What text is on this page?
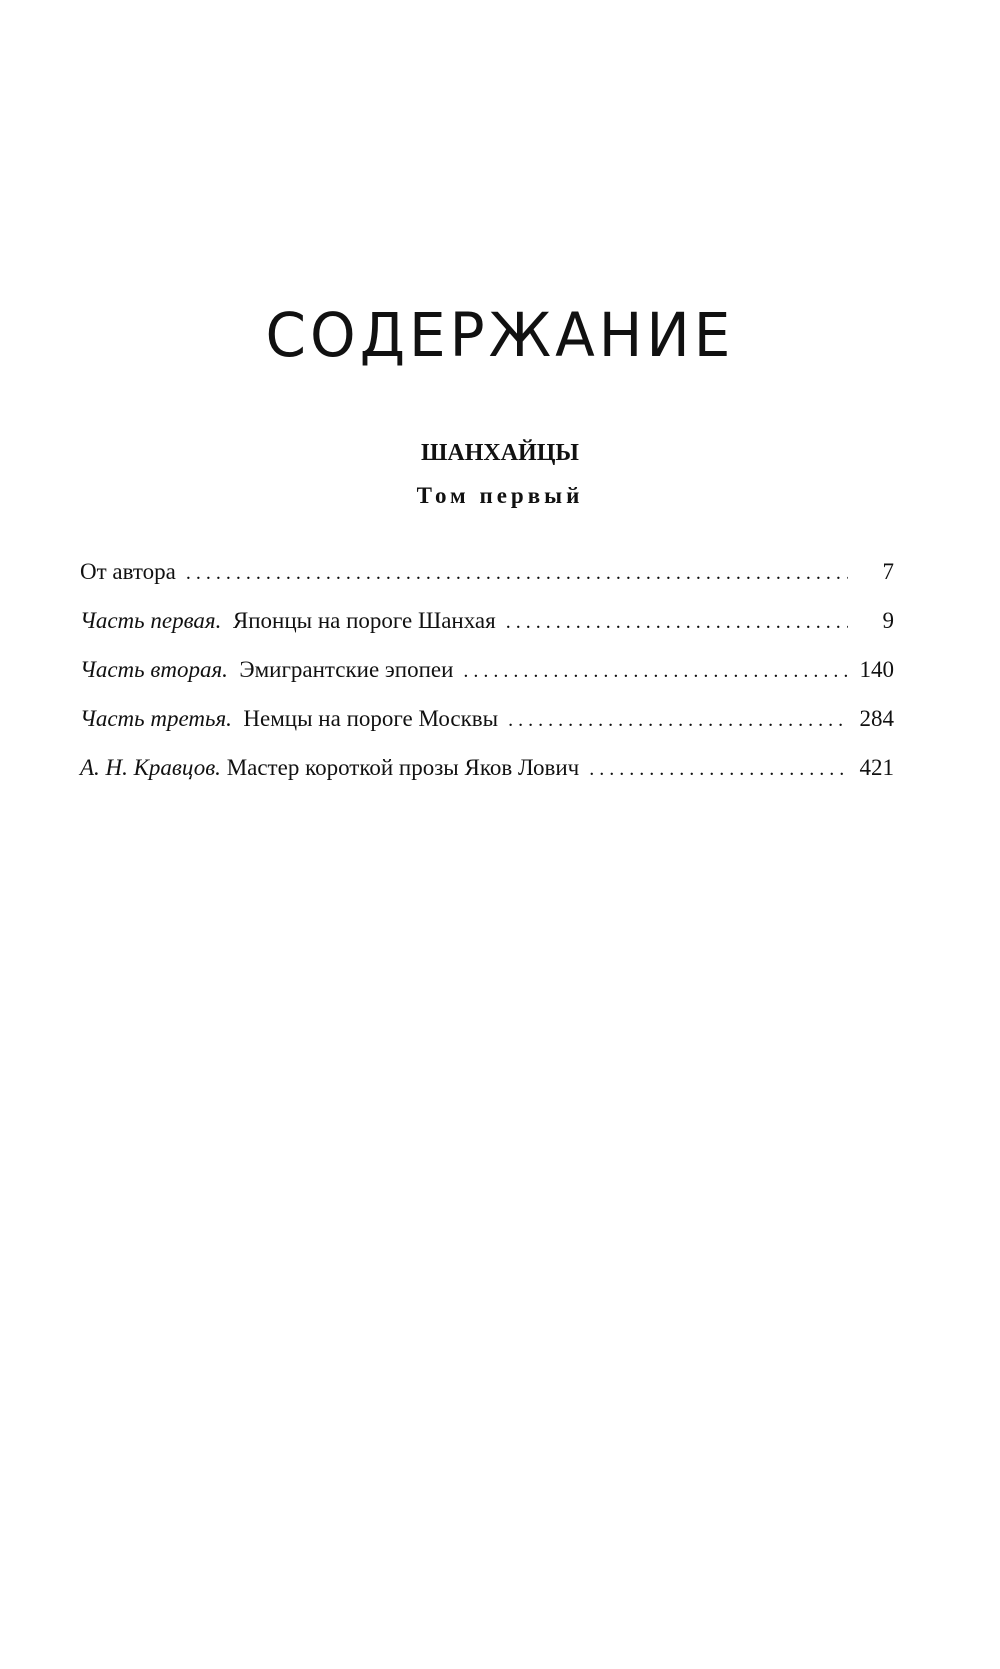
СОДЕРЖАНИЕ
ШАНХАЙЦЫ
Том первый
От автора . . .	7
Часть первая. Японцы на пороге Шанхая . . .	9
Часть вторая. Эмигрантские эпопеи . . .	140
Часть третья. Немцы на пороге Москвы . . .	284
А. Н. Кравцов. Мастер короткой прозы Яков Лович . . .	421
